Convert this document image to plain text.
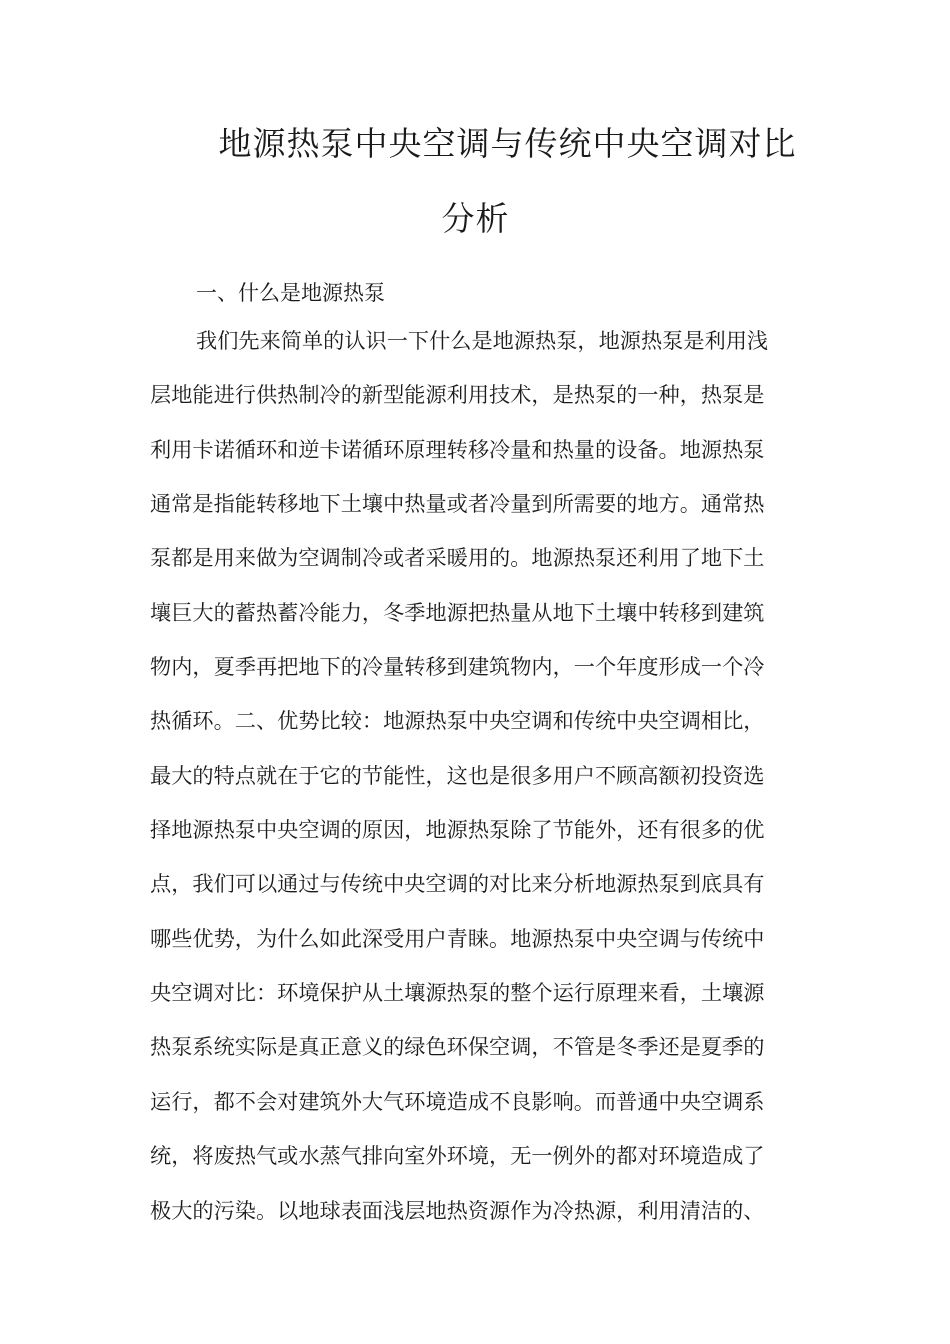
地源热泵中央空调与传统中央空调对比
分析
一、什么是地源热泵
我们先来简单的认识一下什么是地源热泵，地源热泵是利用浅
层地能进行供热制冷的新型能源利用技术，是热泵的一种，热泵是
利用卡诺循环和逆卡诺循环原理转移冷量和热量的设备。地源热泵
通常是指能转移地下土壤中热量或者冷量到所需要的地方。通常热
泵都是用来做为空调制冷或者采暖用的。地源热泵还利用了地下土
壤巨大的蓄热蓄冷能力，冬季地源把热量从地下土壤中转移到建筑
物内，夏季再把地下的冷量转移到建筑物内，一个年度形成一个冷
热循环。二、优势比较：地源热泵中央空调和传统中央空调相比，
最大的特点就在于它的节能性，这也是很多用户不顾高额初投资选
择地源热泵中央空调的原因，地源热泵除了节能外，还有很多的优
点，我们可以通过与传统中央空调的对比来分析地源热泵到底具有
哪些优势，为什么如此深受用户青睐。地源热泵中央空调与传统中
央空调对比：环境保护从土壤源热泵的整个运行原理来看，土壤源
热泵系统实际是真正意义的绿色环保空调，不管是冬季还是夏季的
运行，都不会对建筑外大气环境造成不良影响。而普通中央空调系
统，将废热气或水蒸气排向室外环境，无一例外的都对环境造成了
极大的污染。以地球表面浅层地热资源作为冷热源，利用清洁的、
